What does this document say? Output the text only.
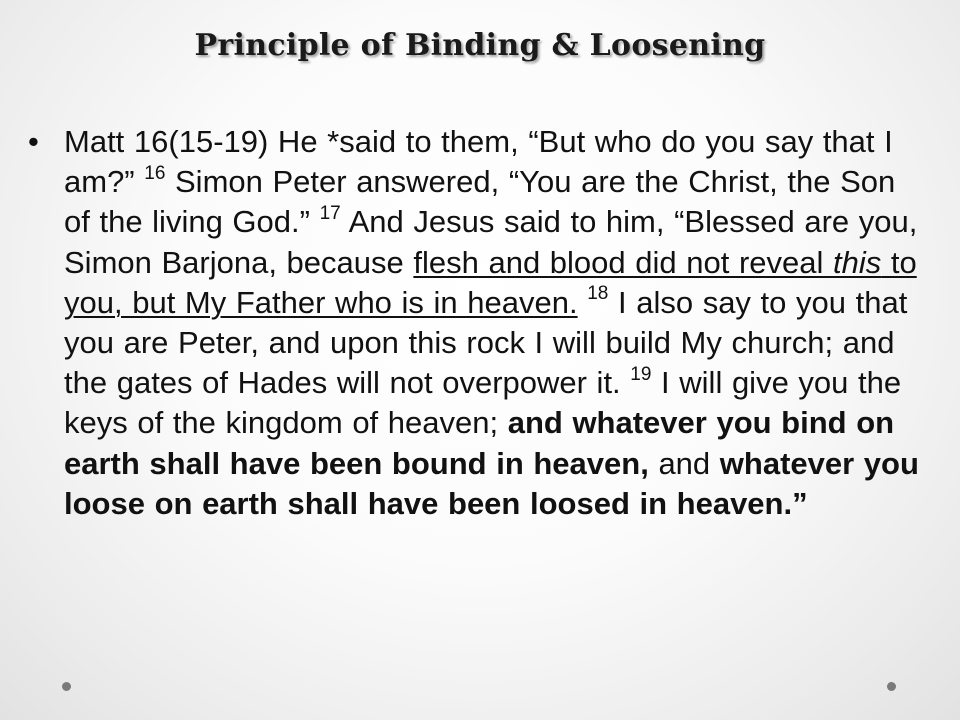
Principle of Binding & Loosening
• Matt 16(15-19) He *said to them, “But who do you say that I am?” $^{16}$ Simon Peter answered, “You are the Christ, the Son of the living God.” $^{17}$ And Jesus said to him, “Blessed are you, Simon Barjona, because flesh and blood did not reveal this to you, but My Father who is in heaven. $^{18}$ I also say to you that you are Peter, and upon this rock I will build My church; and the gates of Hades will not overpower it. $^{19}$ I will give you the keys of the kingdom of heaven; and whatever you bind on earth shall have been bound in heaven, and whatever you loose on earth shall have been loosed in heaven.”
